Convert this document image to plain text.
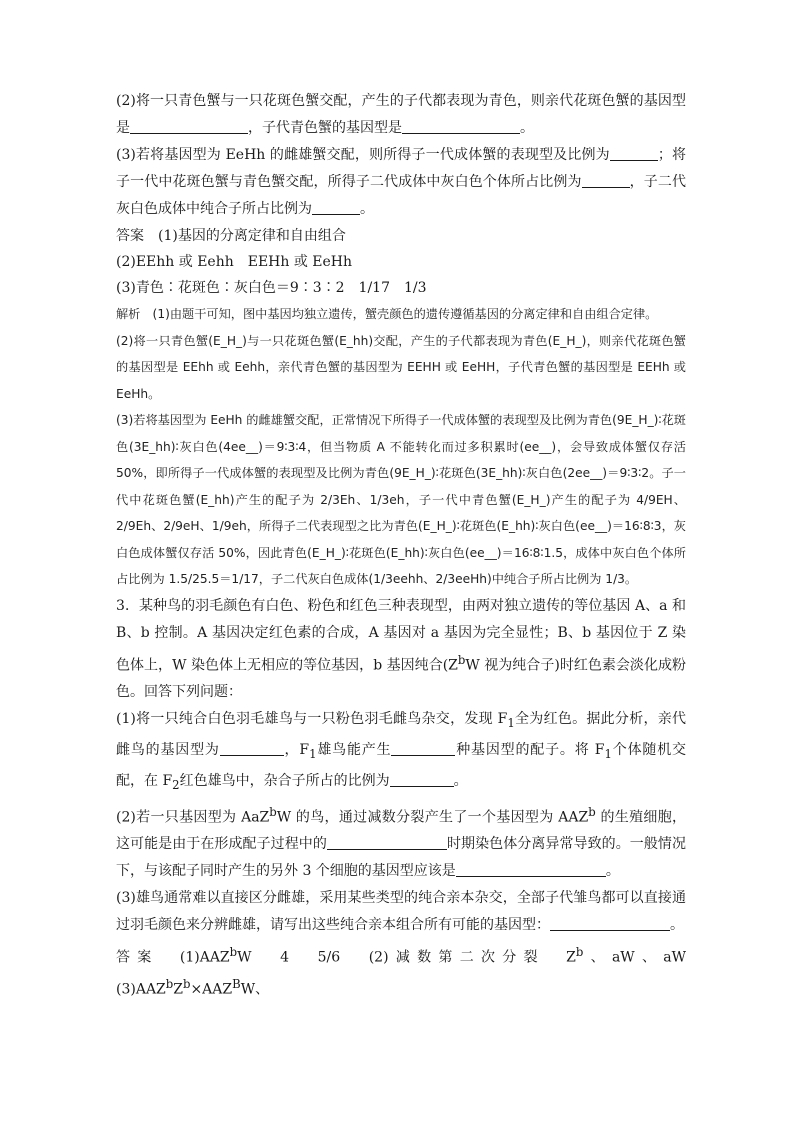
(2)将一只青色蟹与一只花斑色蟹交配，产生的子代都表现为青色，则亲代花斑色蟹的基因型是	，子代青色蟹的基因型是	。

(3)若将基因型为 EeHh 的雌雄蟹交配，则所得子一代成体蟹的表现型及比例为	；将子一代中花斑色蟹与青色蟹交配，所得子二代成体中灰白色个体所占比例为	，子二代灰白色成体中纯合子所占比例为	。

答案　(1)基因的分离定律和自由组合

(2)EEhh 或 Eehh　EEHh 或 EeHh

(3)青色∶花斑色∶灰白色＝9∶3∶2　1/17　1/3

解析　(1)由题干可知，图中基因均独立遗传，蟹壳颜色的遗传遵循基因的分离定律和自由组合定律。

(2)将一只青色蟹(E_H_)与一只花斑色蟹(E_hh)交配，产生的子代都表现为青色(E_H_)，则亲代花斑色蟹的基因型是 EEhh 或 Eehh，亲代青色蟹的基因型为 EEHH 或 EeHH，子代青色蟹的基因型是 EEHh 或 EeHh。

(3)若将基因型为 EeHh 的雌雄蟹交配，正常情况下所得子一代成体蟹的表现型及比例为青色(9E_H_)∶花斑色(3E_hh)∶灰白色(4ee__)＝9∶3∶4，但当物质 A 不能转化而过多积累时(ee__)，会导致成体蟹仅存活 50%，即所得子一代成体蟹的表现型及比例为青色(9E_H_)∶花斑色(3E_hh)∶灰白色(2ee__)＝9∶3∶2。子一代中花斑色蟹(E_hh)产生的配子为 2/3Eh、1/3eh，子一代中青色蟹(E_H_)产生的配子为 4/9EH、2/9Eh、2/9eH、1/9eh，所得子二代表现型之比为青色(E_H_)∶花斑色(E_hh)∶灰白色(ee__)＝16∶8∶3，灰白色成体蟹仅存活 50%，因此青色(E_H_)∶花斑色(E_hh)∶灰白色(ee__)＝16∶8∶1.5，成体中灰白色个体所占比例为 1.5/25.5＝1/17，子二代灰白色成体(1/3eehh、2/3eeHh)中纯合子所占比例为 1/3。

3．某种鸟的羽毛颜色有白色、粉色和红色三种表现型，由两对独立遗传的等位基因 A、a 和 B、b 控制。A 基因决定红色素的合成，A 基因对 a 基因为完全显性；B、b 基因位于 Z 染色体上，W 染色体上无相应的等位基因，b 基因纯合($Z^bW$ 视为纯合子)时红色素会淡化成粉色。回答下列问题：

(1)将一只纯合白色羽毛雄鸟与一只粉色羽毛雌鸟杂交，发现 $F_1$全为红色。据此分析，亲代雌鸟的基因型为	，$F_1$雄鸟能产生	种基因型的配子。将 $F_1$个体随机交配，在 $F_2$红色雄鸟中，杂合子所占的比例为	。

(2)若一只基因型为 AaZ$^b$W 的鸟，通过减数分裂产生了一个基因型为 AAZ$^b$ 的生殖细胞，这可能是由于在形成配子过程中的	时期染色体分离异常导致的。一般情况下，与该配子同时产生的另外 3 个细胞的基因型应该是	。

(3)雄鸟通常难以直接区分雌雄，采用某些类型的纯合亲本杂交，全部子代雏鸟都可以直接通过羽毛颜色来分辨雌雄，请写出这些纯合亲本组合所有可能的基因型：	。

答案　(1)AAZ$^b$W　4　5/6　(2)减数第二次分裂　$Z^b$、aW、aW　$(3)AAZ^bZ^b\times AAZ^BW$、
